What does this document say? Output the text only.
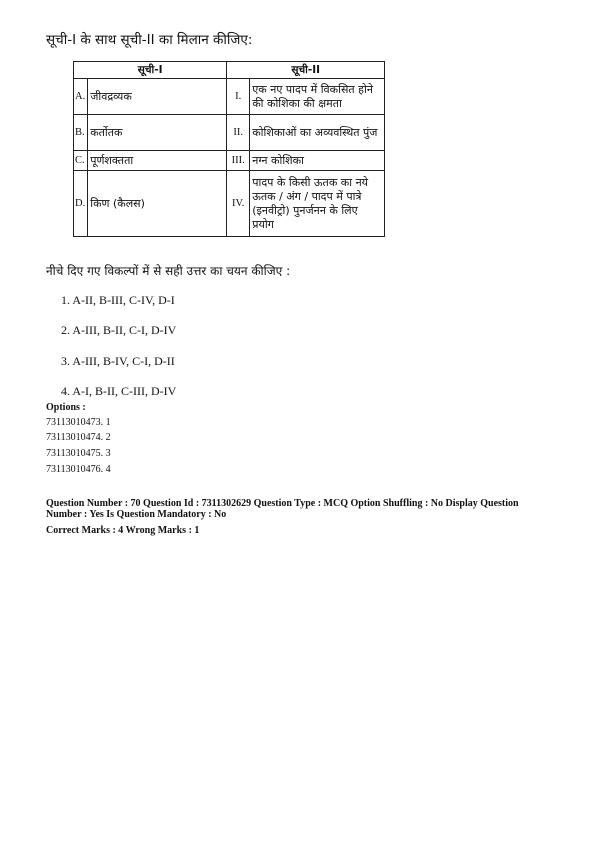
सूची-I के साथ सूची-II का मिलान कीजिए:
सूची-I		सूची-II	
A.	जीवद्रव्यक	I.	एक नए पादप में विकसित होने की कोशिका की क्षमता
B.	कर्तोतक	II.	कोशिकाओं का अव्यवस्थित पुंज
C.	पूर्णशक्तता	III.	नग्न कोशिका
D.	किण (कैलस)	IV.	पादप के किसी ऊतक का नये ऊतक / अंग / पादप में पात्रे (इनवीट्रो) पुनर्जनन के लिए प्रयोग
नीचे दिए गए विकल्पों में से सही उत्तर का चयन कीजिए :
1. A-II, B-III, C-IV, D-I
2. A-III, B-II, C-I, D-IV
3. A-III, B-IV, C-I, D-II
4. A-I, B-II, C-III, D-IV
Options :
73113010473. 1
73113010474. 2
73113010475. 3
73113010476. 4
Question Number : 70 Question Id : 7311302629 Question Type : MCQ Option Shuffling : No Display Question Number : Yes Is Question Mandatory : No
Correct Marks : 4 Wrong Marks : 1
